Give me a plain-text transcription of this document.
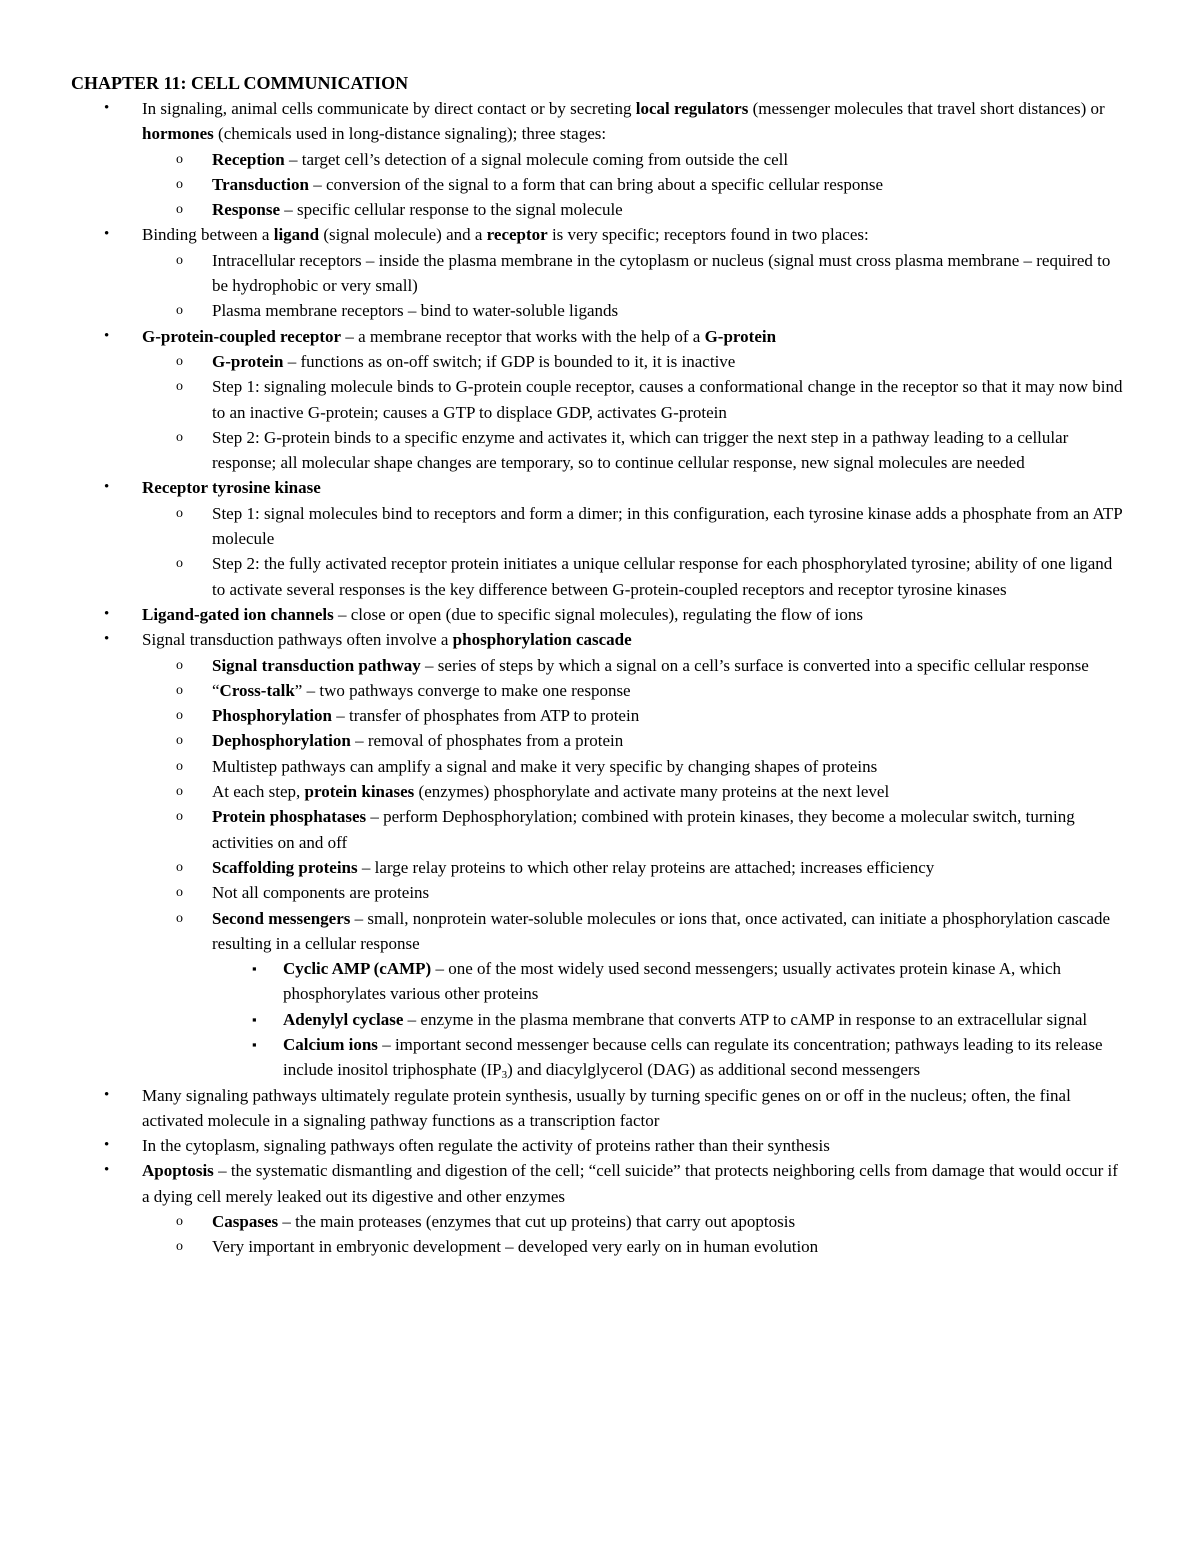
CHAPTER 11: CELL COMMUNICATION

• In signaling, animal cells communicate by direct contact or by secreting local regulators (messenger molecules that travel short distances) or hormones (chemicals used in long-distance signaling); three stages:

o Reception – target cell’s detection of a signal molecule coming from outside the cell

o Transduction – conversion of the signal to a form that can bring about a specific cellular response

o Response – specific cellular response to the signal molecule

• Binding between a ligand (signal molecule) and a receptor is very specific; receptors found in two places:

o Intracellular receptors – inside the plasma membrane in the cytoplasm or nucleus (signal must cross plasma membrane – required to be hydrophobic or very small)

o Plasma membrane receptors – bind to water-soluble ligands

• G-protein-coupled receptor – a membrane receptor that works with the help of a G-protein

o G-protein – functions as on-off switch; if GDP is bounded to it, it is inactive

o Step 1: signaling molecule binds to G-protein couple receptor, causes a conformational change in the receptor so that it may now bind to an inactive G-protein; causes a GTP to displace GDP, activates G-protein

o Step 2: G-protein binds to a specific enzyme and activates it, which can trigger the next step in a pathway leading to a cellular response; all molecular shape changes are temporary, so to continue cellular response, new signal molecules are needed

• Receptor tyrosine kinase

o Step 1: signal molecules bind to receptors and form a dimer; in this configuration, each tyrosine kinase adds a phosphate from an ATP molecule

o Step 2: the fully activated receptor protein initiates a unique cellular response for each phosphorylated tyrosine; ability of one ligand to activate several responses is the key difference between G-protein-coupled receptors and receptor tyrosine kinases

• Ligand-gated ion channels – close or open (due to specific signal molecules), regulating the flow of ions

• Signal transduction pathways often involve a phosphorylation cascade

o Signal transduction pathway – series of steps by which a signal on a cell’s surface is converted into a specific cellular response

o “Cross-talk” – two pathways converge to make one response

o Phosphorylation – transfer of phosphates from ATP to protein

o Dephosphorylation – removal of phosphates from a protein

o Multistep pathways can amplify a signal and make it very specific by changing shapes of proteins

o At each step, protein kinases (enzymes) phosphorylate and activate many proteins at the next level

o Protein phosphatases – perform Dephosphorylation; combined with protein kinases, they become a molecular switch, turning activities on and off

o Scaffolding proteins – large relay proteins to which other relay proteins are attached; increases efficiency

o Not all components are proteins

o Second messengers – small, nonprotein water-soluble molecules or ions that, once activated, can initiate a phosphorylation cascade resulting in a cellular response

▪ Cyclic AMP (cAMP) – one of the most widely used second messengers; usually activates protein kinase A, which phosphorylates various other proteins

▪ Adenylyl cyclase – enzyme in the plasma membrane that converts ATP to cAMP in response to an extracellular signal

▪ Calcium ions – important second messenger because cells can regulate its concentration; pathways leading to its release include inositol triphosphate $(IP_3)$ and diacylglycerol (DAG) as additional second messengers

• Many signaling pathways ultimately regulate protein synthesis, usually by turning specific genes on or off in the nucleus; often, the final activated molecule in a signaling pathway functions as a transcription factor

• In the cytoplasm, signaling pathways often regulate the activity of proteins rather than their synthesis

• Apoptosis – the systematic dismantling and digestion of the cell; “cell suicide” that protects neighboring cells from damage that would occur if a dying cell merely leaked out its digestive and other enzymes

o Caspases – the main proteases (enzymes that cut up proteins) that carry out apoptosis

o Very important in embryonic development – developed very early on in human evolution
